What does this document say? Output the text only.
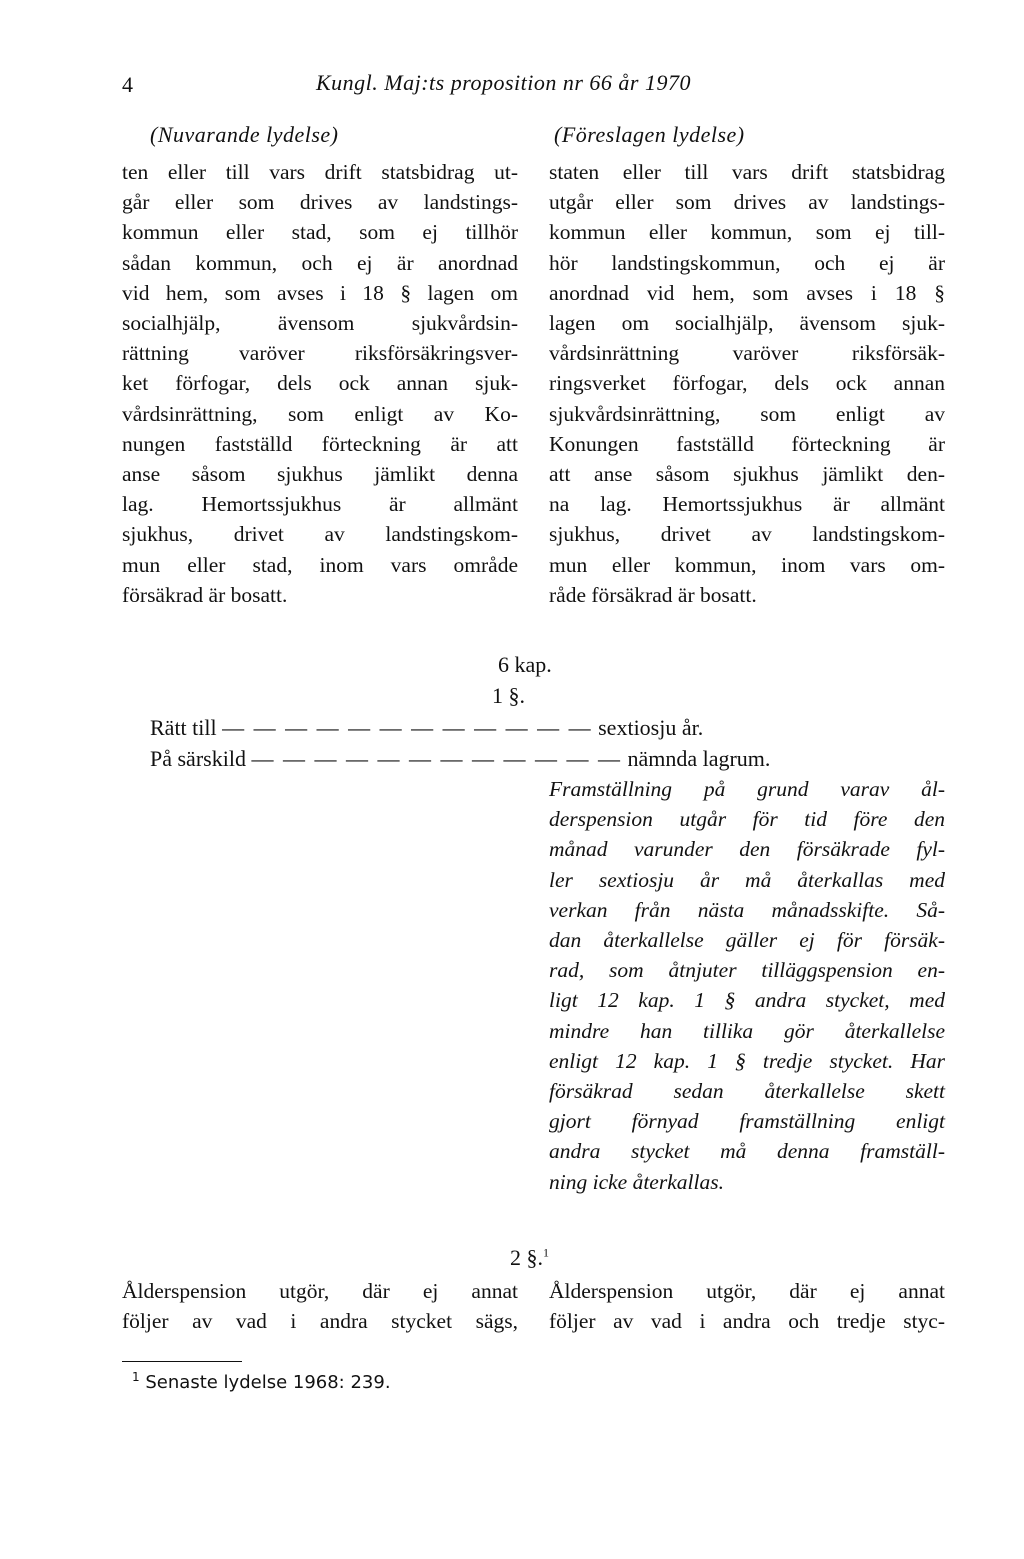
4	Kungl. Maj:ts proposition nr 66 år 1970
(Nuvarande lydelse)	(Föreslagen lydelse)
ten eller till vars drift statsbidrag ut-
går eller som drives av landstings-
kommun eller stad, som ej tillhör
sådan kommun, och ej är anordnad
vid hem, som avses i 18 § lagen om
socialhjälp, ävensom sjukvårdsin-
rättning varöver riksförsäkringsver-
ket förfogar, dels ock annan sjuk-
vårdsinrättning, som enligt av Ko-
nungen fastställd förteckning är att
anse såsom sjukhus jämlikt denna
lag. Hemortssjukhus är allmänt
sjukhus, drivet av landstingskom-
mun eller stad, inom vars område
försäkrad är bosatt.
staten eller till vars drift statsbidrag
utgår eller som drives av landstings-
kommun eller kommun, som ej till-
hör landstingskommun, och ej är
anordnad vid hem, som avses i 18 §
lagen om socialhjälp, ävensom sjuk-
vårdsinrättning varöver riksförsäk-
ringsverket förfogar, dels ock annan
sjukvårdsinrättning, som enligt av
Konungen fastställd förteckning är
att anse såsom sjukhus jämlikt den-
na lag. Hemortssjukhus är allmänt
sjukhus, drivet av landstingskom-
mun eller kommun, inom vars om-
råde försäkrad är bosatt.
6 kap.
1 §.
Rätt till — — — — — — — — — — — — sextiosju år.
På särskild — — — — — — — — — — — — nämnda lagrum.
Framställning på grund varav ål-
derspension utgår för tid före den
månad varunder den försäkrade fyl-
ler sextiosju år må återkallas med
verkan från nästa månadsskifte. Så-
dan återkallelse gäller ej för försäk-
rad, som åtnjuter tilläggspension en-
ligt 12 kap. 1 § andra stycket, med
mindre han tillika gör återkallelse
enligt 12 kap. 1 § tredje stycket. Har
försäkrad sedan återkallelse skett
gjort förnyad framställning enligt
andra stycket må denna framställ-
ning icke återkallas.
2 §.$^1$
Ålderspension utgör, där ej annat
följer av vad i andra stycket sägs,
Ålderspension utgör, där ej annat
följer av vad i andra och tredje styc-
$^1$ Senaste lydelse 1968: 239.
